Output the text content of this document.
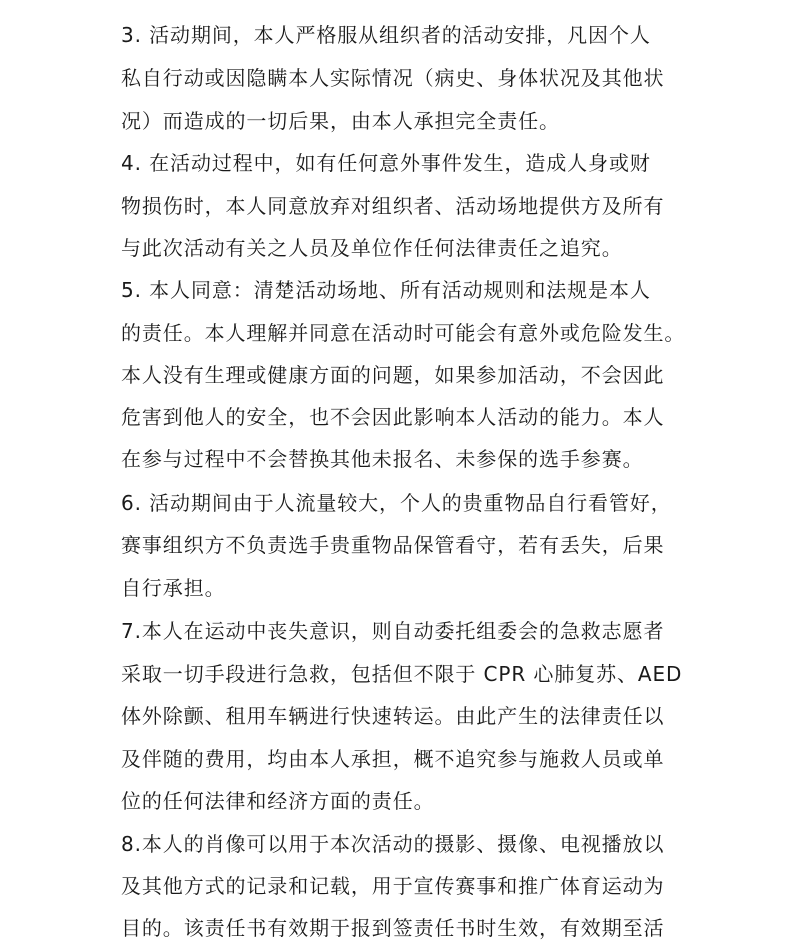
3. 活动期间，本人严格服从组织者的活动安排，凡因个人
私自行动或因隐瞒本人实际情况（病史、身体状况及其他状
况）而造成的一切后果，由本人承担完全责任。
4. 在活动过程中，如有任何意外事件发生，造成人身或财
物损伤时，本人同意放弃对组织者、活动场地提供方及所有
与此次活动有关之人员及单位作任何法律责任之追究。
5. 本人同意：清楚活动场地、所有活动规则和法规是本人
的责任。本人理解并同意在活动时可能会有意外或危险发生。
本人没有生理或健康方面的问题，如果参加活动，不会因此
危害到他人的安全，也不会因此影响本人活动的能力。本人
在参与过程中不会替换其他未报名、未参保的选手参赛。
6. 活动期间由于人流量较大，个人的贵重物品自行看管好，
赛事组织方不负责选手贵重物品保管看守，若有丢失，后果
自行承担。
7.本人在运动中丧失意识，则自动委托组委会的急救志愿者
采取一切手段进行急救，包括但不限于 CPR 心肺复苏、AED
体外除颤、租用车辆进行快速转运。由此产生的法律责任以
及伴随的费用，均由本人承担，概不追究参与施救人员或单
位的任何法律和经济方面的责任。
8.本人的肖像可以用于本次活动的摄影、摄像、电视播放以
及其他方式的记录和记载，用于宣传赛事和推广体育运动为
目的。该责任书有效期于报到签责任书时生效，有效期至活
